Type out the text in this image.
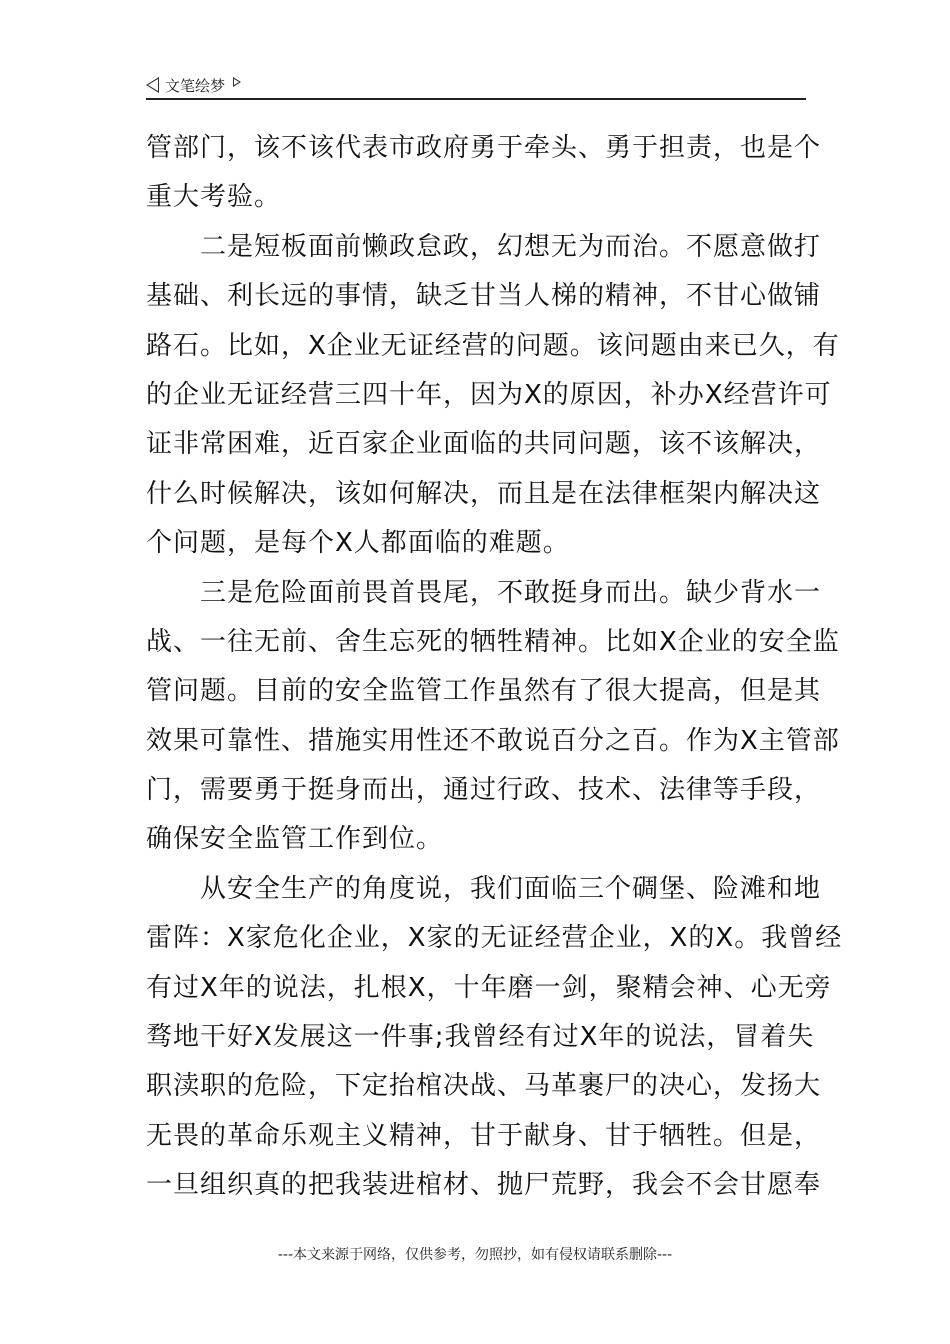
文笔绘梦
管部门，该不该代表市政府勇于牵头、勇于担责，也是个
重大考验。
二是短板面前懒政怠政，幻想无为而治。不愿意做打
基础、利长远的事情，缺乏甘当人梯的精神，不甘心做铺
路石。比如，X企业无证经营的问题。该问题由来已久，有
的企业无证经营三四十年，因为X的原因，补办X经营许可
证非常困难，近百家企业面临的共同问题，该不该解决，
什么时候解决，该如何解决，而且是在法律框架内解决这
个问题，是每个X人都面临的难题。
三是危险面前畏首畏尾，不敢挺身而出。缺少背水一
战、一往无前、舍生忘死的牺牲精神。比如X企业的安全监
管问题。目前的安全监管工作虽然有了很大提高，但是其
效果可靠性、措施实用性还不敢说百分之百。作为X主管部
门，需要勇于挺身而出，通过行政、技术、法律等手段，
确保安全监管工作到位。
从安全生产的角度说，我们面临三个碉堡、险滩和地
雷阵：X家危化企业，X家的无证经营企业，X的X。我曾经
有过X年的说法，扎根X，十年磨一剑，聚精会神、心无旁
骛地干好X发展这一件事;我曾经有过X年的说法，冒着失
职渎职的危险，下定抬棺决战、马革裹尸的决心，发扬大
无畏的革命乐观主义精神，甘于献身、甘于牺牲。但是，
一旦组织真的把我装进棺材、抛尸荒野，我会不会甘愿奉
---本文来源于网络，仅供参考，勿照抄，如有侵权请联系删除---
